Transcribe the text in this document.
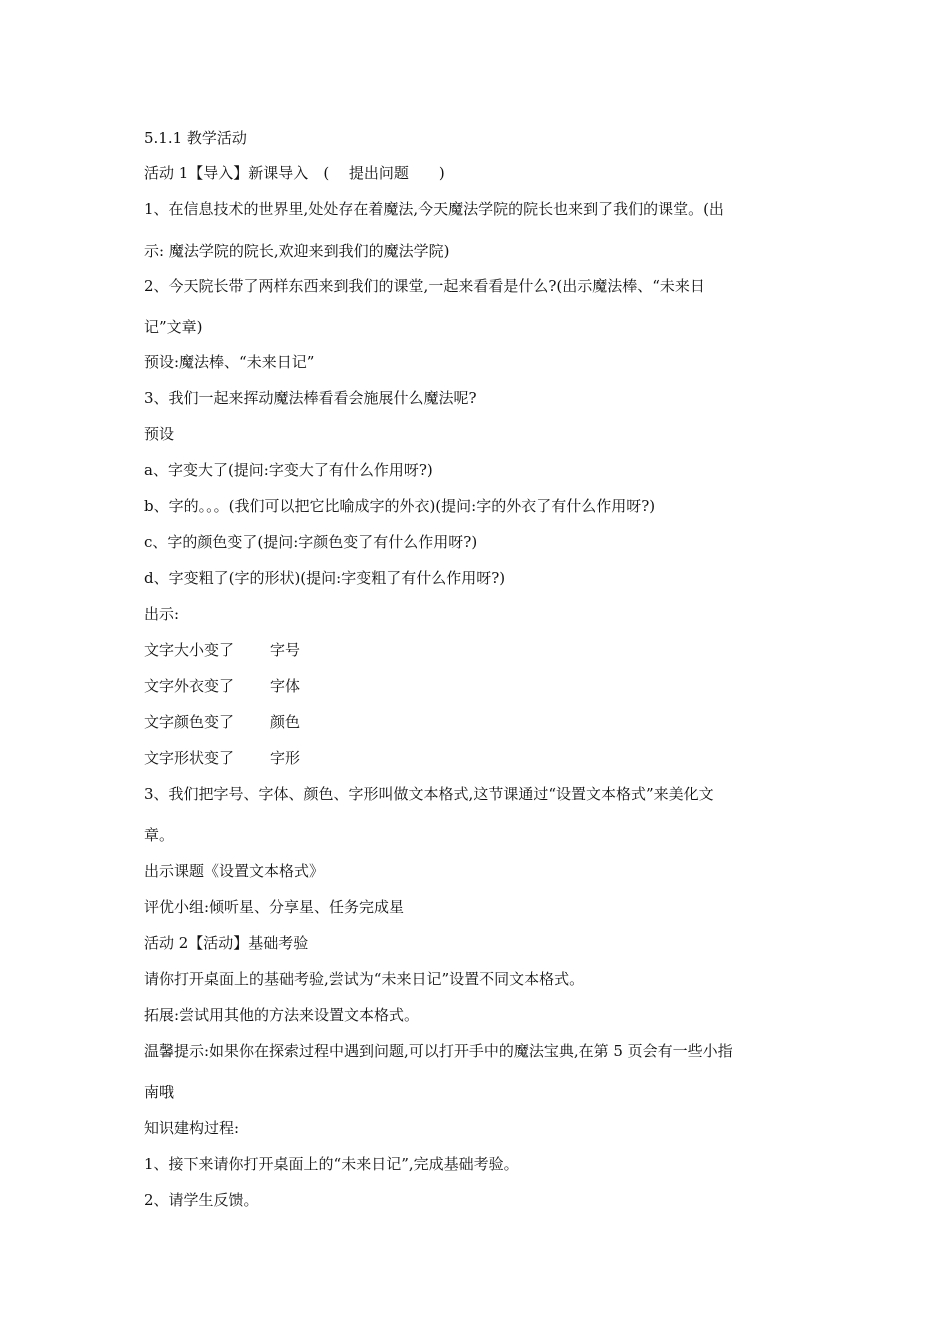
5.1.1 教学活动
活动 1【导入】新课导入　(　 提出问题　　)
1、在信息技术的世界里,处处存在着魔法,今天魔法学院的院长也来到了我们的课堂。(出
示: 魔法学院的院长,欢迎来到我们的魔法学院)
2、今天院长带了两样东西来到我们的课堂,一起来看看是什么?(出示魔法棒、“未来日
记”文章)
预设:魔法棒、“未来日记”
3、我们一起来挥动魔法棒看看会施展什么魔法呢?
预设
a、字变大了(提问:字变大了有什么作用呀?)
b、字的。。。(我们可以把它比喻成字的外衣)(提问:字的外衣了有什么作用呀?)
c、字的颜色变了(提问:字颜色变了有什么作用呀?)
d、字变粗了(字的形状)(提问:字变粗了有什么作用呀?)
出示:
文字大小变了 字号
文字外衣变了 字体
文字颜色变了 颜色
文字形状变了 字形
3、我们把字号、字体、颜色、字形叫做文本格式,这节课通过“设置文本格式”来美化文
章。
出示课题《设置文本格式》
评优小组:倾听星、分享星、任务完成星
活动 2【活动】基础考验
请你打开桌面上的基础考验,尝试为“未来日记”设置不同文本格式。
拓展:尝试用其他的方法来设置文本格式。
温馨提示:如果你在探索过程中遇到问题,可以打开手中的魔法宝典,在第 5 页会有一些小指
南哦
知识建构过程:
1、接下来请你打开桌面上的“未来日记”,完成基础考验。
2、请学生反馈。
